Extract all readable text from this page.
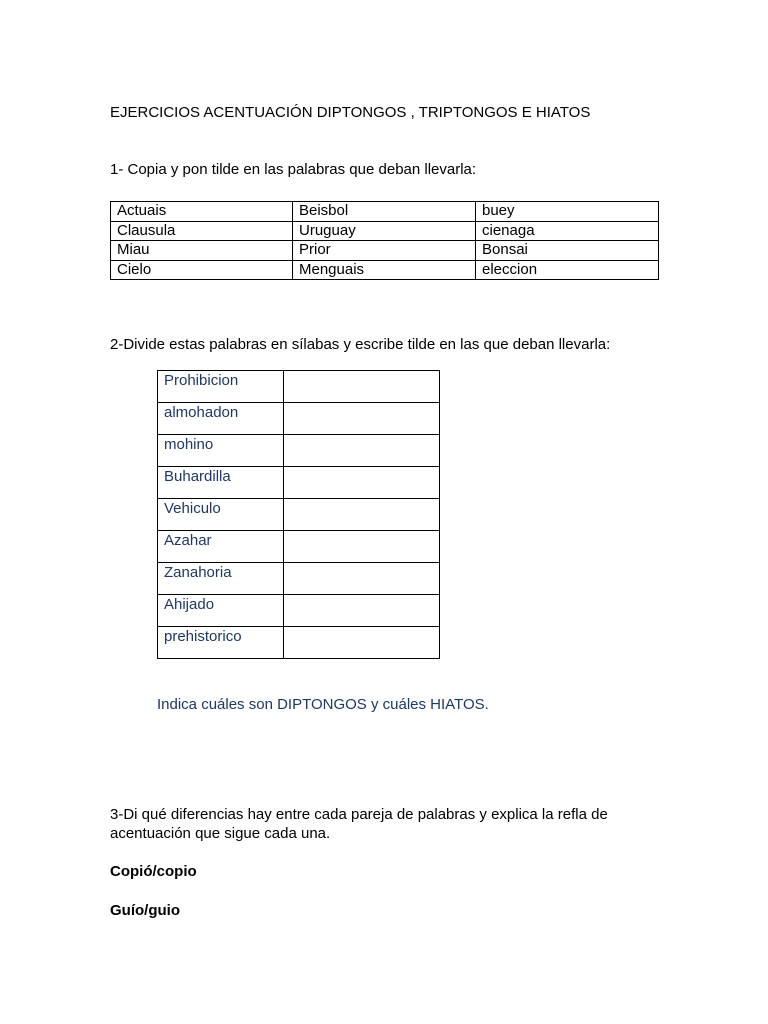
EJERCICIOS ACENTUACIÓN DIPTONGOS , TRIPTONGOS E HIATOS
1- Copia y pon tilde en las palabras que deban llevarla:
Actuais	Beisbol	buey
Clausula	Uruguay	cienaga
Miau	Prior	Bonsai
Cielo	Menguais	eleccion
2-Divide estas palabras en sílabas y escribe tilde en las que deban llevarla:
Prohibicion	
almohadon	
mohino	
Buhardilla	
Vehiculo	
Azahar	
Zanahoria	
Ahijado	
prehistorico	
Indica cuáles son DIPTONGOS y cuáles HIATOS.
3-Di qué diferencias hay entre cada pareja de palabras y explica la refla de acentuación que sigue cada una.
Copió/copio
Guío/guio
